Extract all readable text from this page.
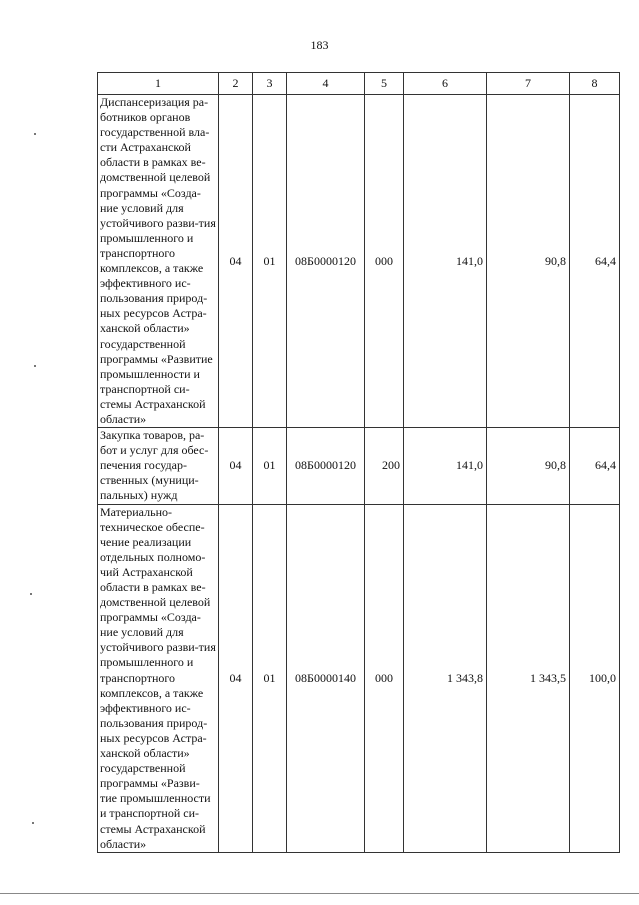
183
1	2	3	4	5	6	7	8
Диспансеризация ра-ботников органов государственной вла-сти Астраханской области в рамках ве-домственной целевой программы «Созда-ние условий для устойчивого разви-тия промышленного и транспортного комплексов, а также эффективного ис-пользования природ-ных ресурсов Астра-ханской области» государственной программы «Развитие промышленности и транспортной си-стемы Астраханской области»	04	01	08Б0000120	000	141,0	90,8	64,4
Закупка товаров, ра-бот и услуг для обес-печения государ-ственных (муници-пальных) нужд	04	01	08Б0000120	200	141,0	90,8	64,4
Материально-техническое обеспе-чение реализации отдельных полномо-чий Астраханской области в рамках ве-домственной целевой программы «Созда-ние условий для устойчивого разви-тия промышленного и транспортного комплексов, а также эффективного ис-пользования природ-ных ресурсов Астра-ханской области» государственной программы «Разви-тие промышленности и транспортной си-стемы Астраханской области»	04	01	08Б0000140	000	1 343,8	1 343,5	100,0
